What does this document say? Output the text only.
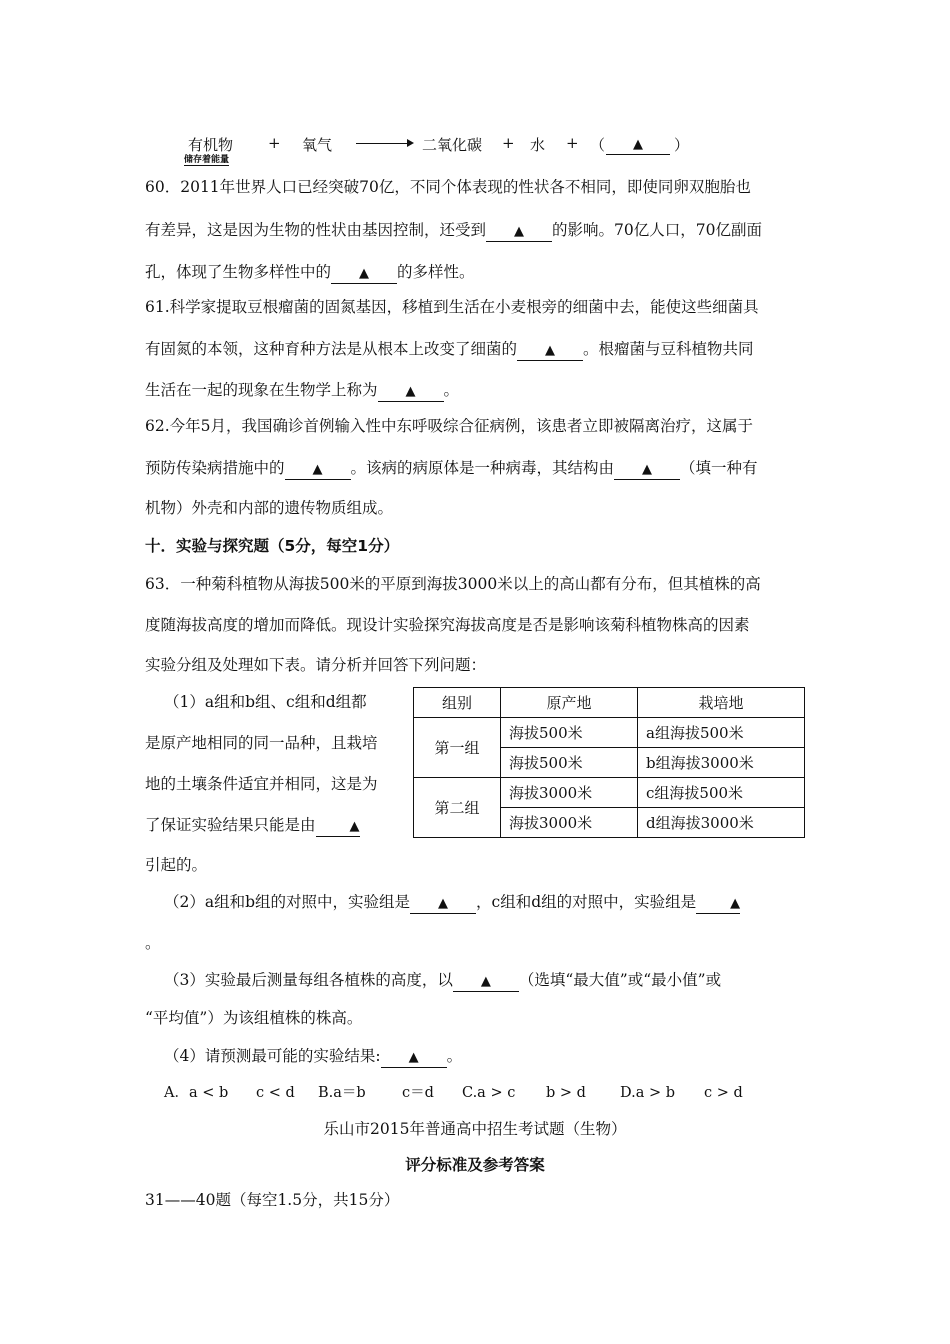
有机物
储存着能量
+ 氧气 → 二氧化碳 + 水 + （	▲	）
60．2011年世界人口已经突破70亿，不同个体表现的性状各不相同，即使同卵双胞胎也
有差异，这是因为生物的性状由基因控制，还受到 ▲ 的影响。70亿人口，70亿副面
孔，体现了生物多样性中的 ▲ 的多样性。
61.科学家提取豆根瘤菌的固氮基因，移植到生活在小麦根旁的细菌中去，能使这些细菌具
有固氮的本领，这种育种方法是从根本上改变了细菌的 ▲ 。根瘤菌与豆科植物共同
生活在一起的现象在生物学上称为 ▲ 。
62.今年5月，我国确诊首例输入性中东呼吸综合征病例，该患者立即被隔离治疗，这属于
预防传染病措施中的 ▲ 。该病的病原体是一种病毒，其结构由 ▲ （填一种有
机物）外壳和内部的遗传物质组成。
十．实验与探究题（5分，每空1分）
63．一种菊科植物从海拔500米的平原到海拔3000米以上的高山都有分布，但其植株的高
度随海拔高度的增加而降低。现设计实验探究海拔高度是否是影响该菊科植物株高的因素
实验分组及处理如下表。请分析并回答下列问题：
（1）a组和b组、c组和d组都
是原产地相同的同一品种，且栽培
地的土壤条件适宜并相同，这是为
了保证实验结果只能是由	▲
引起的。
组别	原产地	栽培地
第一组	海拔500米	a组海拔500米
	海拔500米	b组海拔3000米
第二组	海拔3000米	c组海拔500米
	海拔3000米	d组海拔3000米
（2）a组和b组的对照中，实验组是 ▲ ，c组和d组的对照中，实验组是	▲
。
（3）实验最后测量每组各植株的高度，以 ▲ （选填“最大值”或“最小值”或
“平均值”）为该组植株的株高。
（4）请预测最可能的实验结果: ▲ 。
A．a < b c < d B.a＝b	c＝d C.a > c b > d D.a > b c > d
乐山市2015年普通高中招生考试题（生物）
评分标准及参考答案
31——40题（每空1.5分，共15分）
